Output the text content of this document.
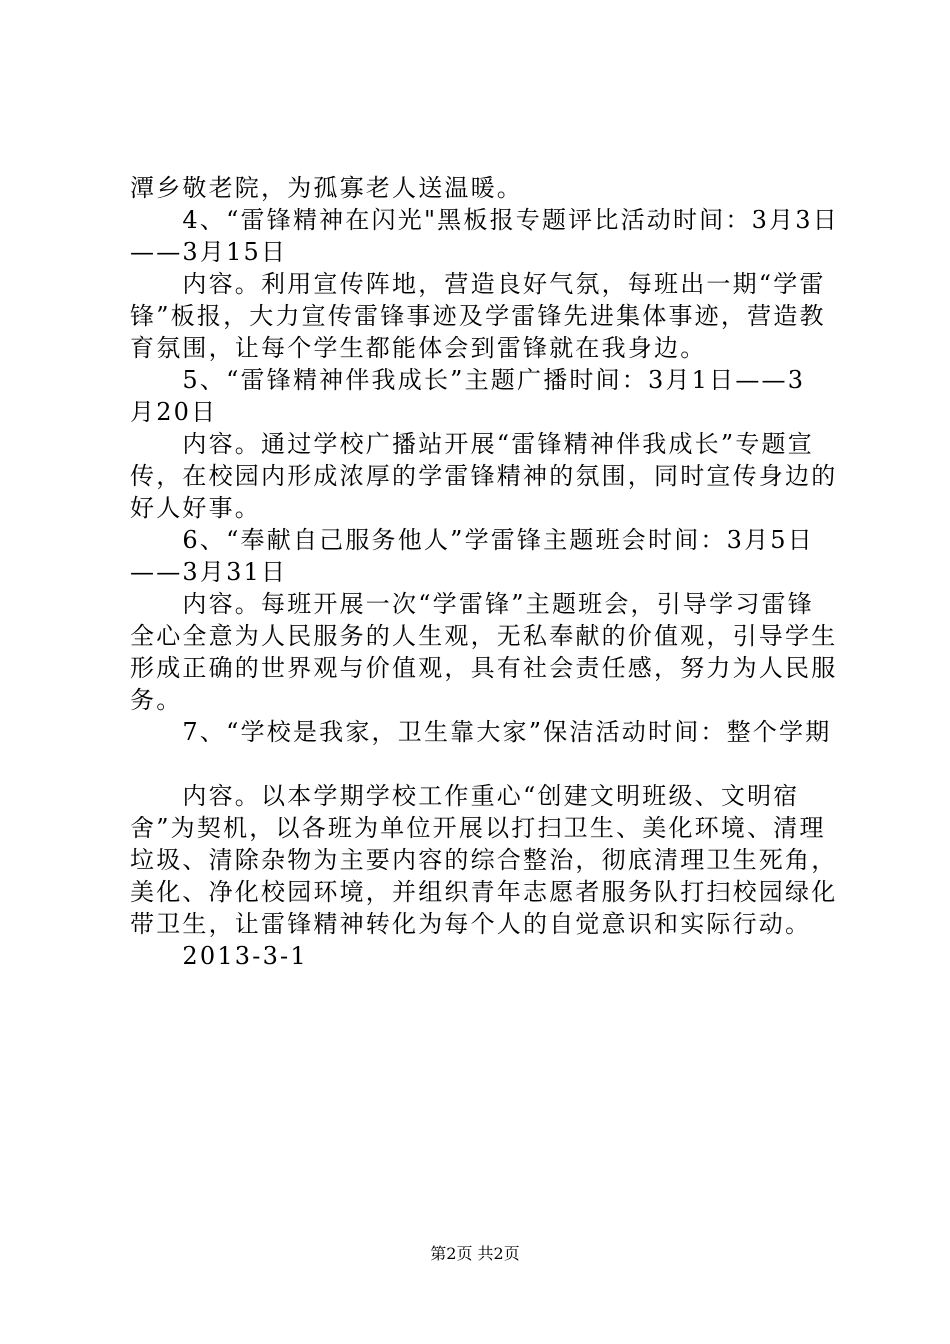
潭乡敬老院，为孤寡老人送温暖。
　　4、“雷锋精神在闪光"黑板报专题评比活动时间：3月3日
——3月15日
　　内容。利用宣传阵地，营造良好气氛，每班出一期“学雷
锋”板报，大力宣传雷锋事迹及学雷锋先进集体事迹，营造教
育氛围，让每个学生都能体会到雷锋就在我身边。
　　5、“雷锋精神伴我成长”主题广播时间：3月1日——3
月20日
　　内容。通过学校广播站开展“雷锋精神伴我成长”专题宣
传，在校园内形成浓厚的学雷锋精神的氛围，同时宣传身边的
好人好事。
　　6、“奉献自己服务他人”学雷锋主题班会时间：3月5日
——3月31日
　　内容。每班开展一次“学雷锋”主题班会，引导学习雷锋
全心全意为人民服务的人生观，无私奉献的价值观，引导学生
形成正确的世界观与价值观，具有社会责任感，努力为人民服
务。
　　7、“学校是我家，卫生靠大家”保洁活动时间：整个学期
　　内容。以本学期学校工作重心“创建文明班级、文明宿
舍”为契机，以各班为单位开展以打扫卫生、美化环境、清理
垃圾、清除杂物为主要内容的综合整治，彻底清理卫生死角，
美化、净化校园环境，并组织青年志愿者服务队打扫校园绿化
带卫生，让雷锋精神转化为每个人的自觉意识和实际行动。
　　2013-3-1
第2页 共2页
